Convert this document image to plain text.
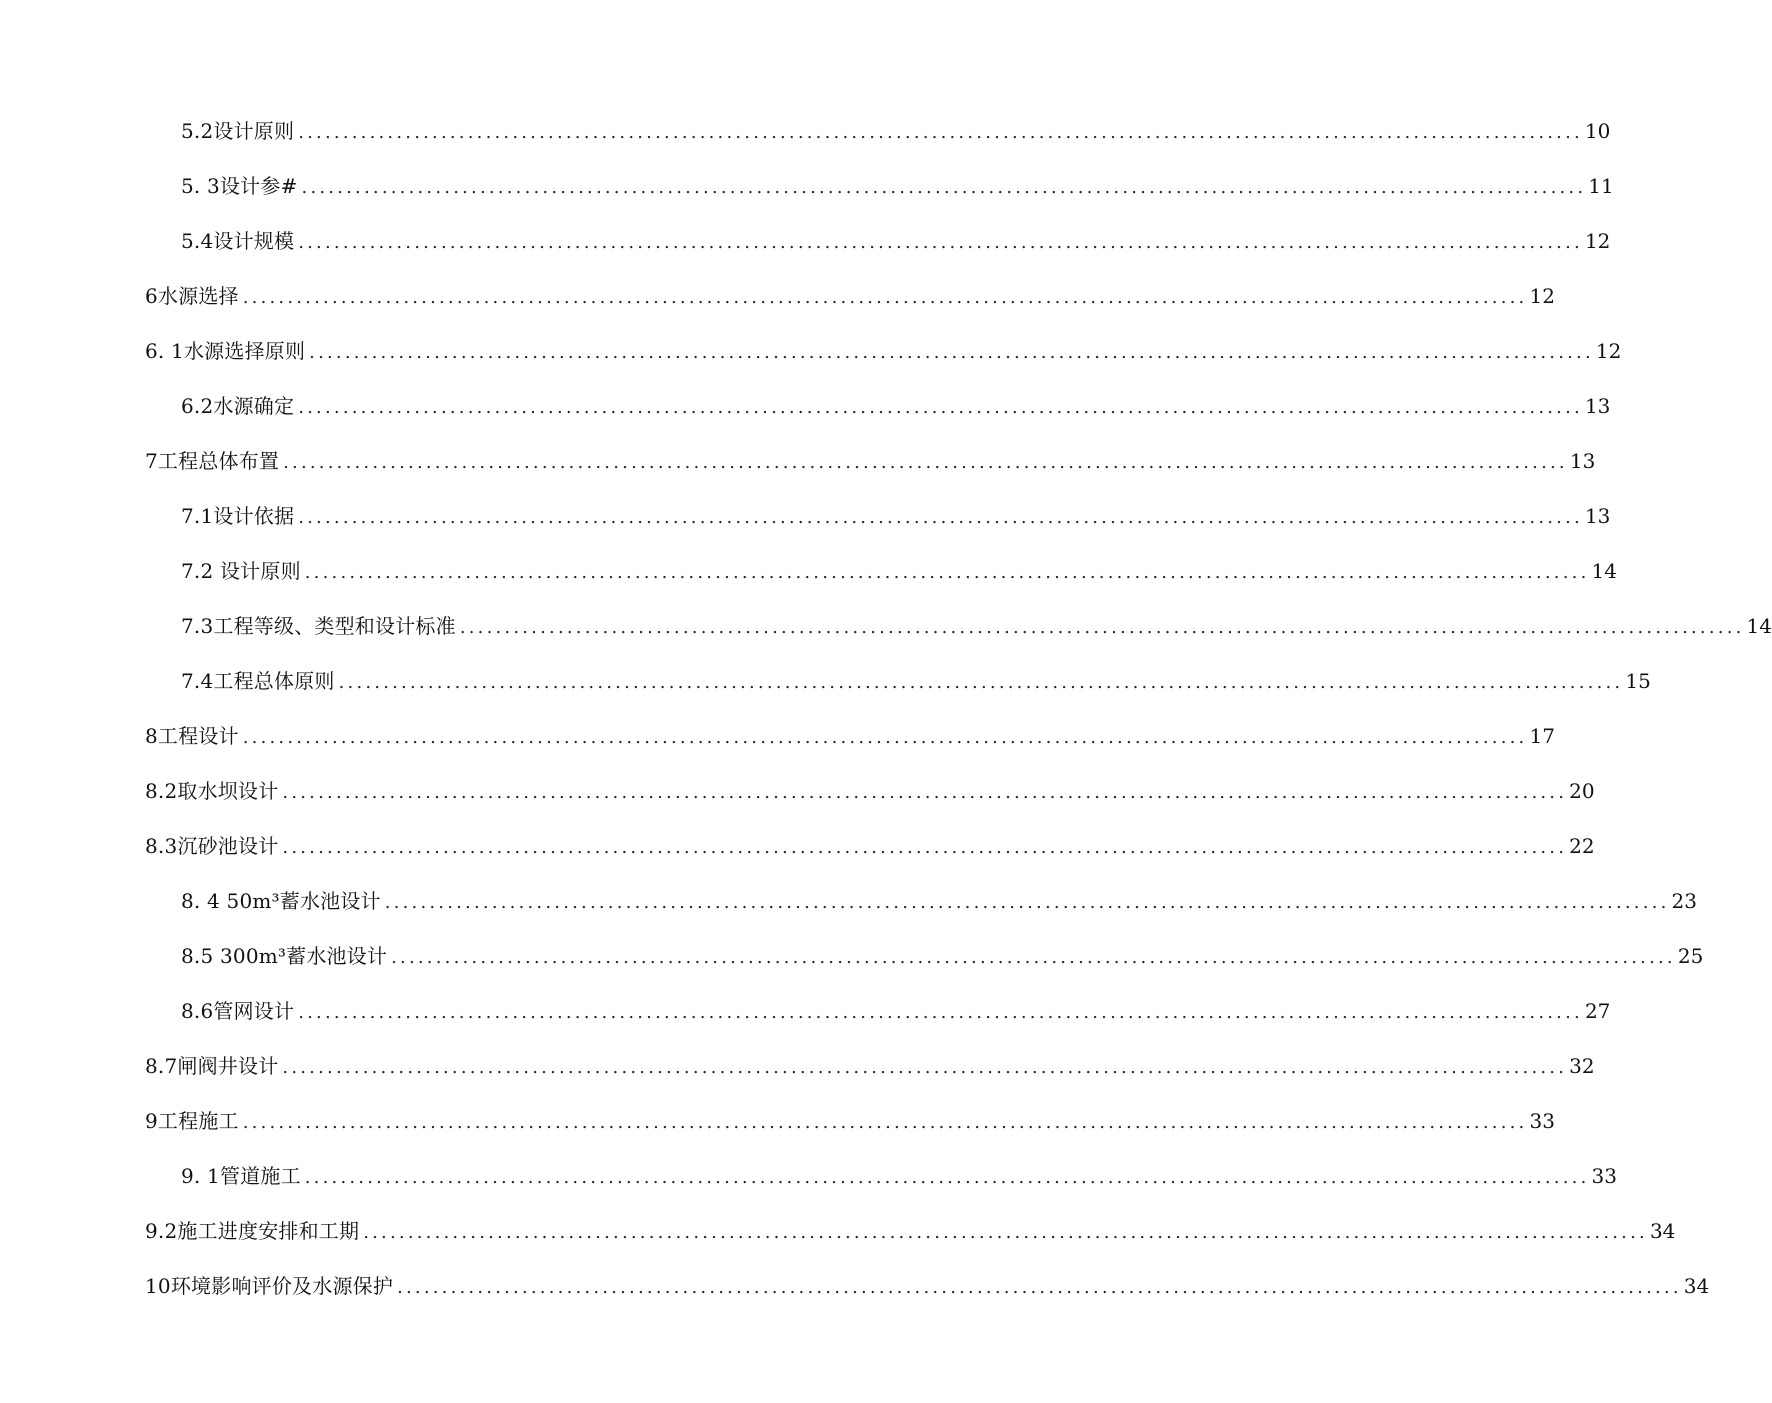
5.2设计原则 ................................................................................................................................................ 10
5. 3设计参# ................................................................................................................................................ 11
5.4设计规模 ................................................................................................................................................ 12
6水源选择 ................................................................................................................................................ 12
6. 1水源选择原则 ................................................................................................................................................ 12
6.2水源确定 ................................................................................................................................................ 13
7工程总体布置 ................................................................................................................................................ 13
7.1设计依据 ................................................................................................................................................ 13
7.2 设计原则 ................................................................................................................................................ 14
7.3工程等级、类型和设计标准 ................................................................................................................................................ 14
7.4工程总体原则 ................................................................................................................................................ 15
8工程设计 ................................................................................................................................................ 17
8.2取水坝设计 ................................................................................................................................................ 20
8.3沉砂池设计 ................................................................................................................................................ 22
8. 4 50m³蓄水池设计 ................................................................................................................................................ 23
8.5 300m³蓄水池设计 ................................................................................................................................................ 25
8.6管网设计 ................................................................................................................................................ 27
8.7闸阀井设计 ................................................................................................................................................ 32
9工程施工 ................................................................................................................................................ 33
9. 1管道施工 ................................................................................................................................................ 33
9.2施工进度安排和工期 ................................................................................................................................................ 34
10环境影响评价及水源保护 ................................................................................................................................................ 34
